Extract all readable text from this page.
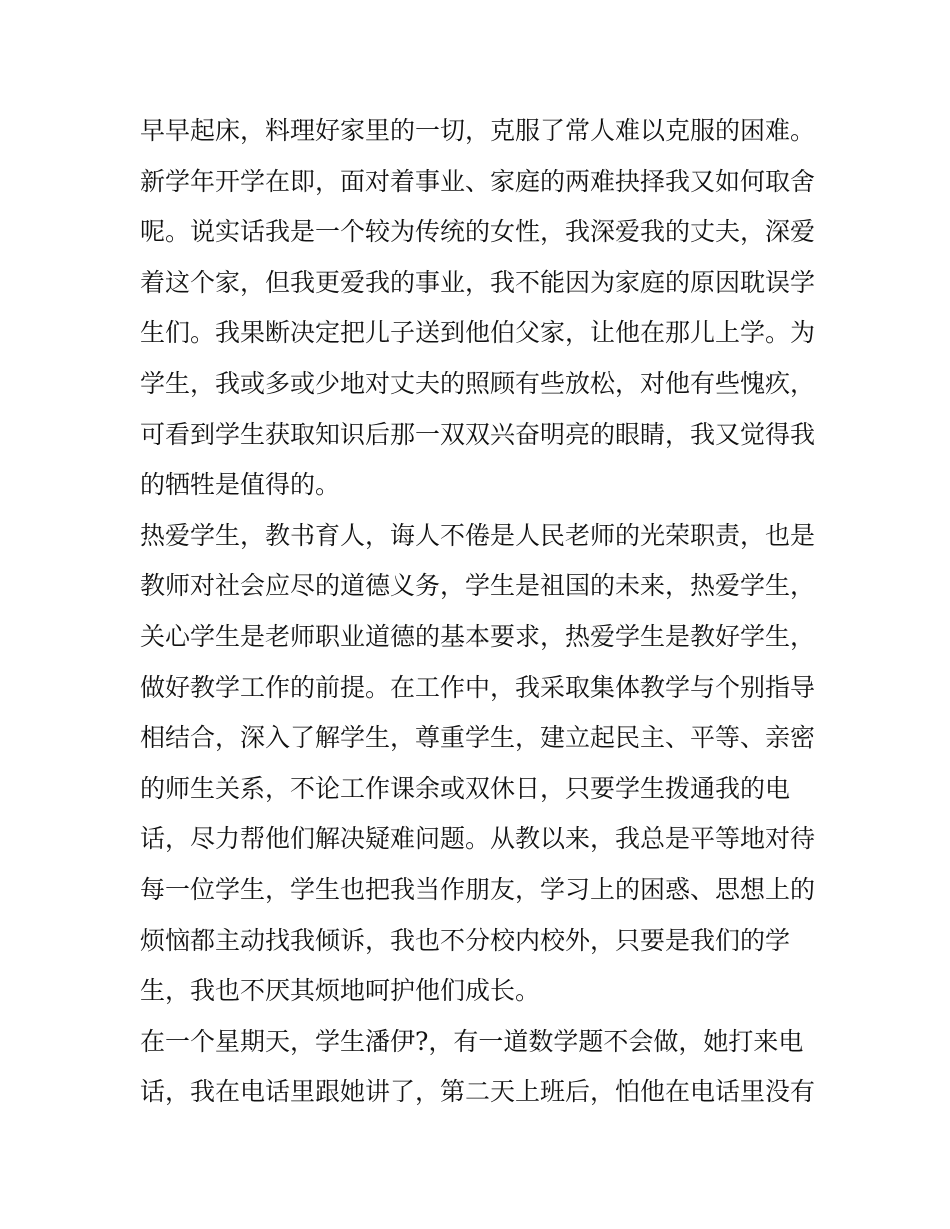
早早起床，料理好家里的一切，克服了常人难以克服的困难。
新学年开学在即，面对着事业、家庭的两难抉择我又如何取舍
呢。说实话我是一个较为传统的女性，我深爱我的丈夫，深爱
着这个家，但我更爱我的事业，我不能因为家庭的原因耽误学
生们。我果断决定把儿子送到他伯父家，让他在那儿上学。为
学生，我或多或少地对丈夫的照顾有些放松，对他有些愧疚，
可看到学生获取知识后那一双双兴奋明亮的眼睛，我又觉得我
的牺牲是值得的。
热爱学生，教书育人，诲人不倦是人民老师的光荣职责，也是
教师对社会应尽的道德义务，学生是祖国的未来，热爱学生，
关心学生是老师职业道德的基本要求，热爱学生是教好学生，
做好教学工作的前提。在工作中，我采取集体教学与个别指导
相结合，深入了解学生，尊重学生，建立起民主、平等、亲密
的师生关系，不论工作课余或双休日，只要学生拨通我的电
话，尽力帮他们解决疑难问题。从教以来，我总是平等地对待
每一位学生，学生也把我当作朋友，学习上的困惑、思想上的
烦恼都主动找我倾诉，我也不分校内校外，只要是我们的学
生，我也不厌其烦地呵护他们成长。
在一个星期天，学生潘伊?，有一道数学题不会做，她打来电
话，我在电话里跟她讲了，第二天上班后，怕他在电话里没有
